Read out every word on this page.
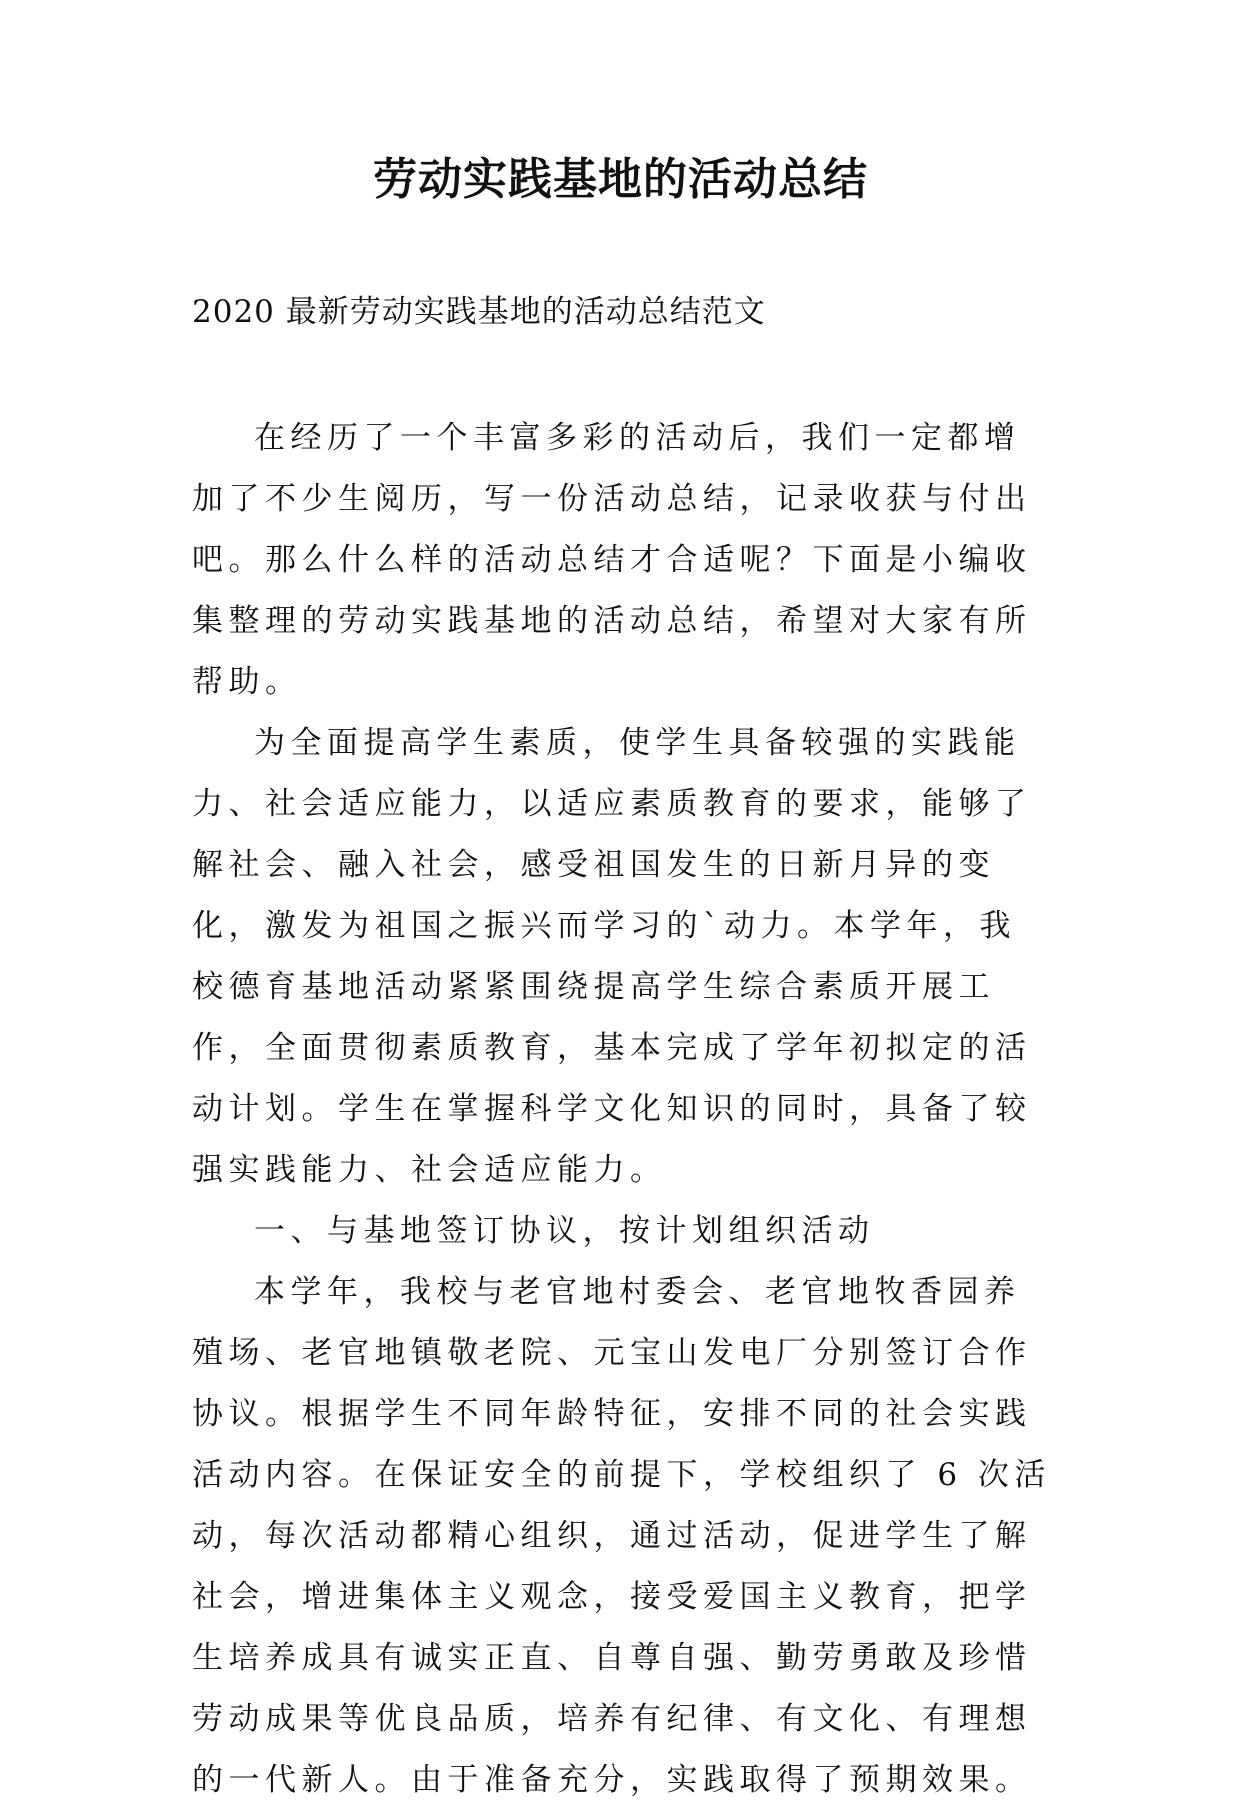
劳动实践基地的活动总结
2020 最新劳动实践基地的活动总结范文

在经历了一个丰富多彩的活动后，我们一定都增加了不少生阅历，写一份活动总结，记录收获与付出吧。那么什么样的活动总结才合适呢？下面是小编收集整理的劳动实践基地的活动总结，希望对大家有所帮助。

为全面提高学生素质，使学生具备较强的实践能力、社会适应能力，以适应素质教育的要求，能够了解社会、融入社会，感受祖国发生的日新月异的变化，激发为祖国之振兴而学习的`动力。本学年，我校德育基地活动紧紧围绕提高学生综合素质开展工作，全面贯彻素质教育，基本完成了学年初拟定的活动计划。学生在掌握科学文化知识的同时，具备了较强实践能力、社会适应能力。

一、与基地签订协议，按计划组织活动

本学年，我校与老官地村委会、老官地牧香园养殖场、老官地镇敬老院、元宝山发电厂分别签订合作协议。根据学生不同年龄特征，安排不同的社会实践活动内容。在保证安全的前提下，学校组织了 6 次活动，每次活动都精心组织，通过活动，促进学生了解社会，增进集体主义观念，接受爱国主义教育，把学生培养成具有诚实正直、自尊自强、勤劳勇敢及珍惜劳动成果等优良品质，培养有纪律、有文化、有理想的一代新人。由于准备充分，实践取得了预期效果。
